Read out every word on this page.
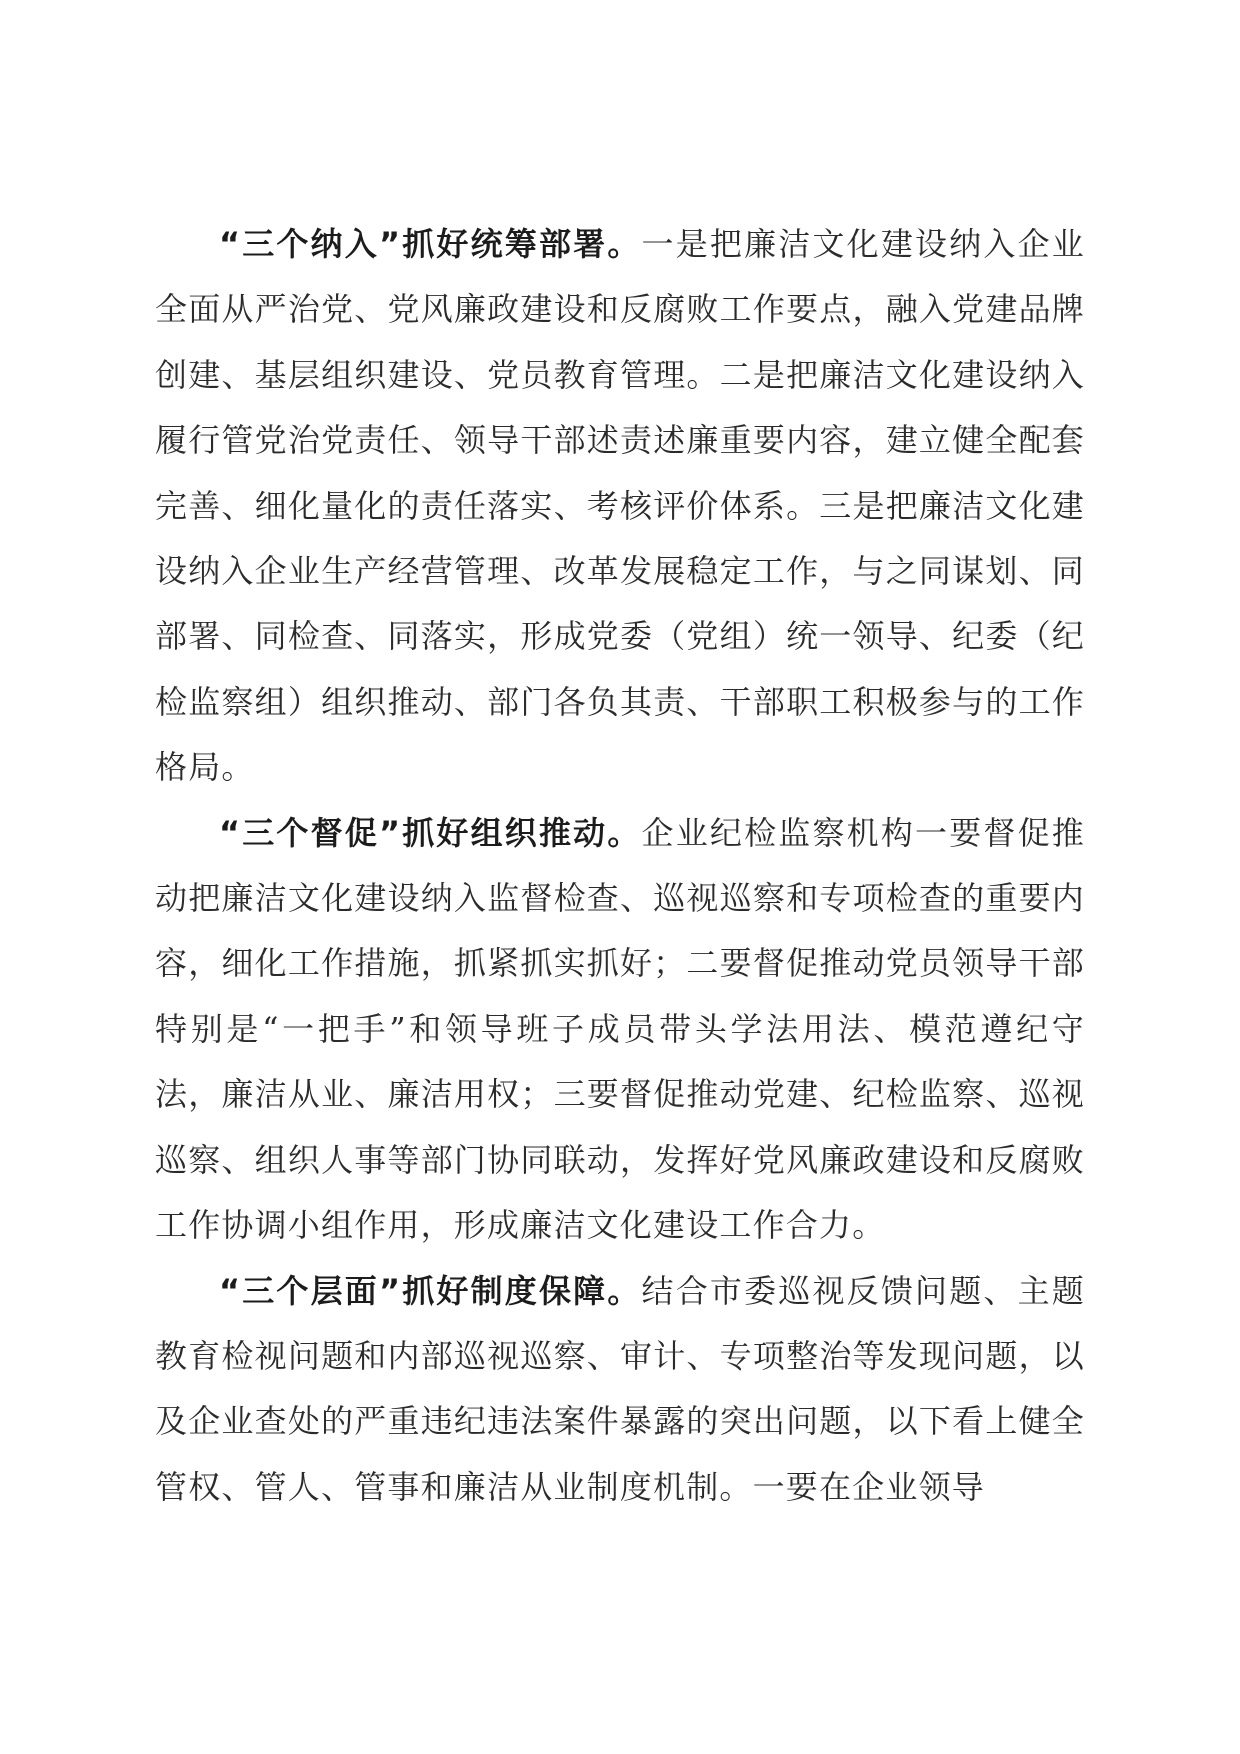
“三个纳入”抓好统筹部署。一是把廉洁文化建设纳入企业全面从严治党、党风廉政建设和反腐败工作要点，融入党建品牌创建、基层组织建设、党员教育管理。二是把廉洁文化建设纳入履行管党治党责任、领导干部述责述廉重要内容，建立健全配套完善、细化量化的责任落实、考核评价体系。三是把廉洁文化建设纳入企业生产经营管理、改革发展稳定工作，与之同谋划、同部署、同检查、同落实，形成党委（党组）统一领导、纪委（纪检监察组）组织推动、部门各负其责、干部职工积极参与的工作格局。

“三个督促”抓好组织推动。企业纪检监察机构一要督促推动把廉洁文化建设纳入监督检查、巡视巡察和专项检查的重要内容，细化工作措施，抓紧抓实抓好；二要督促推动党员领导干部特别是“一把手”和领导班子成员带头学法用法、模范遵纪守法，廉洁从业、廉洁用权；三要督促推动党建、纪检监察、巡视巡察、组织人事等部门协同联动，发挥好党风廉政建设和反腐败工作协调小组作用，形成廉洁文化建设工作合力。

“三个层面”抓好制度保障。结合市委巡视反馈问题、主题教育检视问题和内部巡视巡察、审计、专项整治等发现问题，以及企业查处的严重违纪违法案件暴露的突出问题，以下看上健全管权、管人、管事和廉洁从业制度机制。一要在企业领导
